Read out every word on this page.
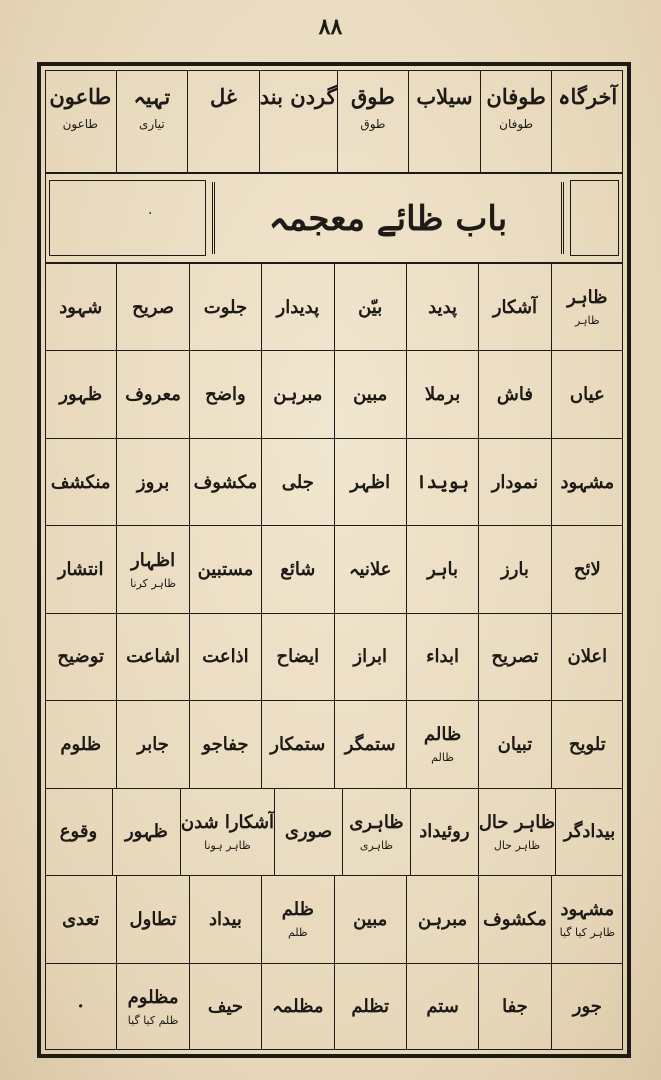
۸۸
آخرگاہ
طوفان
طوفان
سیلاب
طوق
طوق
گردن بند
غل
تہیہ
تیاری
طاعون
طاعون
·	باب ظائے معجمہ
ظاہر
ظاہر
آشکار
پدید
بیّن
پدیدار
جلوت
صریح
شہود
عیاں
فاش
برملا
مبین
مبرہن
واضح
معروف
ظہور
مشہود
نمودار
ہویدا
اظہر
جلی
مکشوف
بروز
منکشف
لائح
بارز
باہر
علانیہ
شائع
مستبین
اظہار
ظاہر کرنا
انتشار
اعلان
تصریح
ابداء
ابراز
ایضاح
اذاعت
اشاعت
توضیح
تلویح
تبیان
ظالم
ظالم
ستمگر
ستمکار
جفاجو
جابر
ظلوم
بیدادگر
ظاہر حال
ظاہر حال
روئیداد
ظاہری
ظاہری
صوری
آشکارا شدن
ظاہر ہونا
ظہور
وقوع
مشہود
ظاہر کیا گیا
مکشوف
مبرہن
مبین
ظلم
ظلم
بیداد
تطاول
تعدی
جور
جفا
ستم
تظلم
مظلمہ
حیف
مظلوم
ظلم کیا گیا
·
